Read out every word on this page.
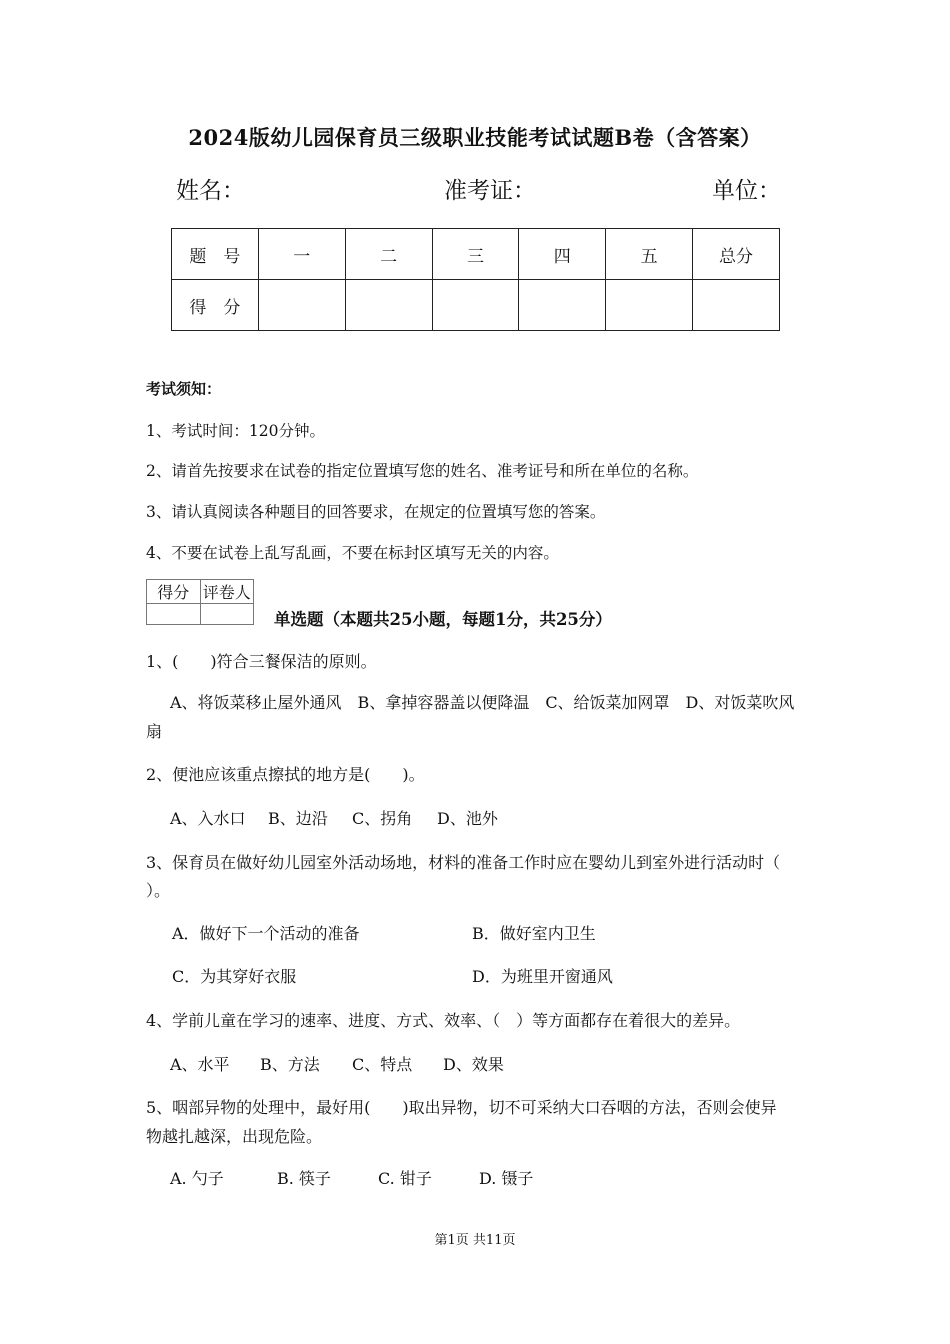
2024版幼儿园保育员三级职业技能考试试题B卷（含答案）
姓名：	准考证：	单位：
题　号	一	二	三	四	五	总分
得　分						
考试须知：
1、考试时间：120分钟。
2、请首先按要求在试卷的指定位置填写您的姓名、准考证号和所在单位的名称。
3、请认真阅读各种题目的回答要求，在规定的位置填写您的答案。
4、不要在试卷上乱写乱画，不要在标封区填写无关的内容。
得分	评卷人

单选题（本题共25小题，每题1分，共25分）
1、(　　)符合三餐保洁的原则。
A、将饭菜移止屋外通风　B、拿掉容器盖以便降温　C、给饭菜加网罩　D、对饭菜吹风
扇
2、便池应该重点擦拭的地方是(　　)。
A、入水口 B、边沿 C、拐角 D、池外
3、保育员在做好幼儿园室外活动场地，材料的准备工作时应在婴幼儿到室外进行活动时（
）。
A．做好下一个活动的准备	B．做好室内卫生
C．为其穿好衣服	D．为班里开窗通风
4、学前儿童在学习的速率、进度、方式、效率、（　）等方面都存在着很大的差异。
A、水平 B、方法 C、特点 D、效果
5、咽部异物的处理中，最好用(　　)取出异物，切不可采纳大口吞咽的方法，否则会使异
物越扎越深，出现危险。
A. 勺子	B. 筷子	C. 钳子	D. 镊子
第1页 共11页
